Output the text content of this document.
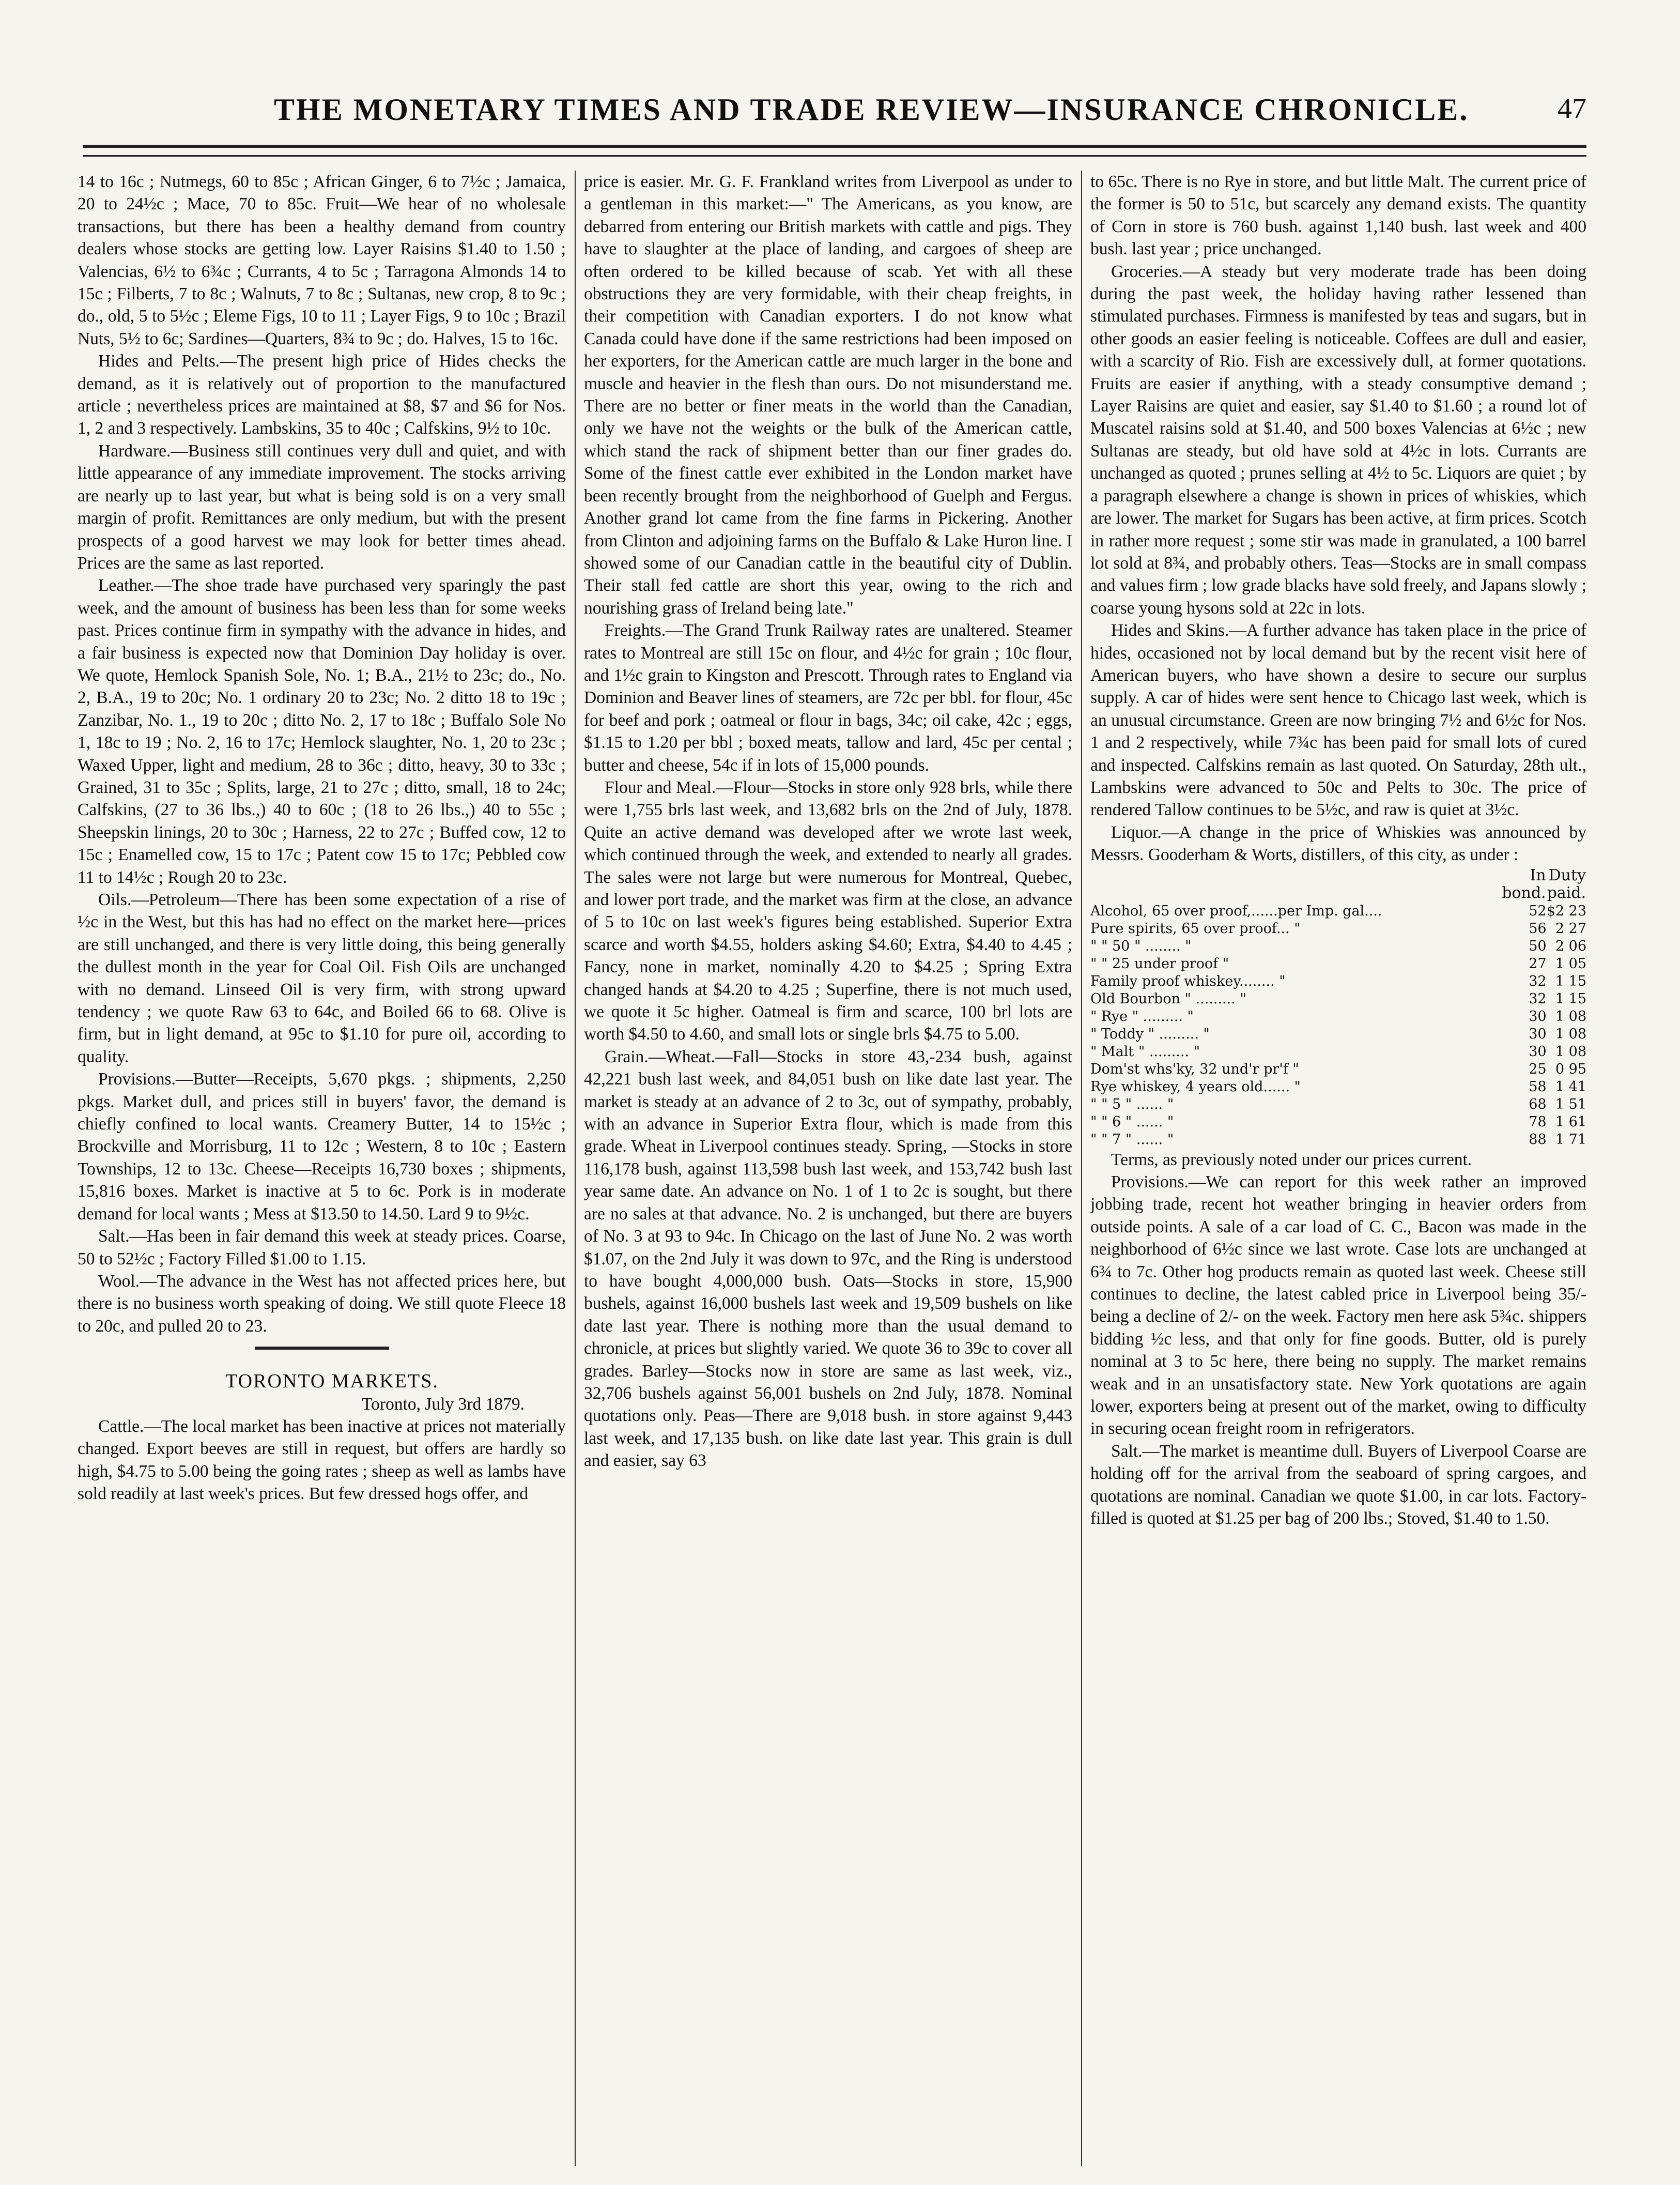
THE MONETARY TIMES AND TRADE REVIEW—INSURANCE CHRONICLE.	47

14 to 16c ; Nutmegs, 60 to 85c ; African Ginger, 6 to 7½c ; Jamaica, 20 to 24½c ; Mace, 70 to 85c. Fruit—We hear of no wholesale transactions, but there has been a healthy demand from country dealers whose stocks are getting low. Layer Raisins $1.40 to 1.50 ; Valencias, 6½ to 6¾c ; Currants, 4 to 5c ; Tarragona Almonds 14 to 15c ; Filberts, 7 to 8c ; Walnuts, 7 to 8c ; Sultanas, new crop, 8 to 9c ; do., old, 5 to 5½c ; Eleme Figs, 10 to 11 ; Layer Figs, 9 to 10c ; Brazil Nuts, 5½ to 6c; Sardines—Quarters, 8¾ to 9c ; do. Halves, 15 to 16c.

Hides and Pelts.—The present high price of Hides checks the demand, as it is relatively out of proportion to the manufactured article ; nevertheless prices are maintained at $8, $7 and $6 for Nos. 1, 2 and 3 respectively. Lambskins, 35 to 40c ; Calfskins, 9½ to 10c.

Hardware.—Business still continues very dull and quiet, and with little appearance of any immediate improvement. The stocks arriving are nearly up to last year, but what is being sold is on a very small margin of profit. Remittances are only medium, but with the present prospects of a good harvest we may look for better times ahead. Prices are the same as last reported.

Leather.—The shoe trade have purchased very sparingly the past week, and the amount of business has been less than for some weeks past. Prices continue firm in sympathy with the advance in hides, and a fair business is expected now that Dominion Day holiday is over. We quote, Hemlock Spanish Sole, No. 1; B.A., 21½ to 23c; do., No. 2, B.A., 19 to 20c; No. 1 ordinary 20 to 23c; No. 2 ditto 18 to 19c ; Zanzibar, No. 1., 19 to 20c ; ditto No. 2, 17 to 18c ; Buffalo Sole No 1, 18c to 19 ; No. 2, 16 to 17c; Hemlock slaughter, No. 1, 20 to 23c ; Waxed Upper, light and medium, 28 to 36c ; ditto, heavy, 30 to 33c ; Grained, 31 to 35c ; Splits, large, 21 to 27c ; ditto, small, 18 to 24c; Calfskins, (27 to 36 lbs.,) 40 to 60c ; (18 to 26 lbs.,) 40 to 55c ; Sheepskin linings, 20 to 30c ; Harness, 22 to 27c ; Buffed cow, 12 to 15c ; Enamelled cow, 15 to 17c ; Patent cow 15 to 17c; Pebbled cow 11 to 14½c ; Rough 20 to 23c.

Oils.—Petroleum—There has been some expectation of a rise of ½c in the West, but this has had no effect on the market here—prices are still unchanged, and there is very little doing, this being generally the dullest month in the year for Coal Oil. Fish Oils are unchanged with no demand. Linseed Oil is very firm, with strong upward tendency ; we quote Raw 63 to 64c, and Boiled 66 to 68. Olive is firm, but in light demand, at 95c to $1.10 for pure oil, according to quality.

Provisions.—Butter—Receipts, 5,670 pkgs. ; shipments, 2,250 pkgs. Market dull, and prices still in buyers' favor, the demand is chiefly confined to local wants. Creamery Butter, 14 to 15½c ; Brockville and Morrisburg, 11 to 12c ; Western, 8 to 10c ; Eastern Townships, 12 to 13c. Cheese—Receipts 16,730 boxes ; shipments, 15,816 boxes. Market is inactive at 5 to 6c. Pork is in moderate demand for local wants ; Mess at $13.50 to 14.50. Lard 9 to 9½c.

Salt.—Has been in fair demand this week at steady prices. Coarse, 50 to 52½c ; Factory Filled $1.00 to 1.15.

Wool.—The advance in the West has not affected prices here, but there is no business worth speaking of doing. We still quote Fleece 18 to 20c, and pulled 20 to 23.

TORONTO MARKETS.

Toronto, July 3rd 1879.

Cattle.—The local market has been inactive at prices not materially changed. Export beeves are still in request, but offers are hardly so high, $4.75 to 5.00 being the going rates ; sheep as well as lambs have sold readily at last week's prices. But few dressed hogs offer, and

price is easier. Mr. G. F. Frankland writes from Liverpool as under to a gentleman in this market:—" The Americans, as you know, are debarred from entering our British markets with cattle and pigs. They have to slaughter at the place of landing, and cargoes of sheep are often ordered to be killed because of scab. Yet with all these obstructions they are very formidable, with their cheap freights, in their competition with Canadian exporters. I do not know what Canada could have done if the same restrictions had been imposed on her exporters, for the American cattle are much larger in the bone and muscle and heavier in the flesh than ours. Do not misunderstand me. There are no better or finer meats in the world than the Canadian, only we have not the weights or the bulk of the American cattle, which stand the rack of shipment better than our finer grades do. Some of the finest cattle ever exhibited in the London market have been recently brought from the neighborhood of Guelph and Fergus. Another grand lot came from the fine farms in Pickering. Another from Clinton and adjoining farms on the Buffalo & Lake Huron line. I showed some of our Canadian cattle in the beautiful city of Dublin. Their stall fed cattle are short this year, owing to the rich and nourishing grass of Ireland being late."

Freights.—The Grand Trunk Railway rates are unaltered. Steamer rates to Montreal are still 15c on flour, and 4½c for grain ; 10c flour, and 1½c grain to Kingston and Prescott. Through rates to England via Dominion and Beaver lines of steamers, are 72c per bbl. for flour, 45c for beef and pork ; oatmeal or flour in bags, 34c; oil cake, 42c ; eggs, $1.15 to 1.20 per bbl ; boxed meats, tallow and lard, 45c per cental ; butter and cheese, 54c if in lots of 15,000 pounds.

Flour and Meal.—Flour—Stocks in store only 928 brls, while there were 1,755 brls last week, and 13,682 brls on the 2nd of July, 1878. Quite an active demand was developed after we wrote last week, which continued through the week, and extended to nearly all grades. The sales were not large but were numerous for Montreal, Quebec, and lower port trade, and the market was firm at the close, an advance of 5 to 10c on last week's figures being established. Superior Extra scarce and worth $4.55, holders asking $4.60; Extra, $4.40 to 4.45 ; Fancy, none in market, nominally 4.20 to $4.25 ; Spring Extra changed hands at $4.20 to 4.25 ; Superfine, there is not much used, we quote it 5c higher. Oatmeal is firm and scarce, 100 brl lots are worth $4.50 to 4.60, and small lots or single brls $4.75 to 5.00.

Grain.—Wheat.—Fall—Stocks in store 43,-234 bush, against 42,221 bush last week, and 84,051 bush on like date last year. The market is steady at an advance of 2 to 3c, out of sympathy, probably, with an advance in Superior Extra flour, which is made from this grade. Wheat in Liverpool continues steady. Spring, —Stocks in store 116,178 bush, against 113,598 bush last week, and 153,742 bush last year same date. An advance on No. 1 of 1 to 2c is sought, but there are no sales at that advance. No. 2 is unchanged, but there are buyers of No. 3 at 93 to 94c. In Chicago on the last of June No. 2 was worth $1.07, on the 2nd July it was down to 97c, and the Ring is understood to have bought 4,000,000 bush. Oats—Stocks in store, 15,900 bushels, against 16,000 bushels last week and 19,509 bushels on like date last year. There is nothing more than the usual demand to chronicle, at prices but slightly varied. We quote 36 to 39c to cover all grades. Barley—Stocks now in store are same as last week, viz., 32,706 bushels against 56,001 bushels on 2nd July, 1878. Nominal quotations only. Peas—There are 9,018 bush. in store against 9,443 last week, and 17,135 bush. on like date last year. This grain is dull and easier, say 63

to 65c. There is no Rye in store, and but little Malt. The current price of the former is 50 to 51c, but scarcely any demand exists. The quantity of Corn in store is 760 bush. against 1,140 bush. last week and 400 bush. last year ; price unchanged.

Groceries.—A steady but very moderate trade has been doing during the past week, the holiday having rather lessened than stimulated purchases. Firmness is manifested by teas and sugars, but in other goods an easier feeling is noticeable. Coffees are dull and easier, with a scarcity of Rio. Fish are excessively dull, at former quotations. Fruits are easier if anything, with a steady consumptive demand ; Layer Raisins are quiet and easier, say $1.40 to $1.60 ; a round lot of Muscatel raisins sold at $1.40, and 500 boxes Valencias at 6½c ; new Sultanas are steady, but old have sold at 4½c in lots. Currants are unchanged as quoted ; prunes selling at 4½ to 5c. Liquors are quiet ; by a paragraph elsewhere a change is shown in prices of whiskies, which are lower. The market for Sugars has been active, at firm prices. Scotch in rather more request ; some stir was made in granulated, a 100 barrel lot sold at 8¾, and probably others. Teas—Stocks are in small compass and values firm ; low grade blacks have sold freely, and Japans slowly ; coarse young hysons sold at 22c in lots.

Hides and Skins.—A further advance has taken place in the price of hides, occasioned not by local demand but by the recent visit here of American buyers, who have shown a desire to secure our surplus supply. A car of hides were sent hence to Chicago last week, which is an unusual circumstance. Green are now bringing 7½ and 6½c for Nos. 1 and 2 respectively, while 7¾c has been paid for small lots of cured and inspected. Calfskins remain as last quoted. On Saturday, 28th ult., Lambskins were advanced to 50c and Pelts to 30c. The price of rendered Tallow continues to be 5½c, and raw is quiet at 3½c.

Liquor.—A change in the price of Whiskies was announced by Messrs. Gooderham & Worts, distillers, of this city, as under :

	In bond.	Duty paid.
Alcohol, 65 over proof,......per Imp. gal....	52	$2 23
Pure spirits, 65 over proof... "	56	2 27
" " 50 " ........ "	50	2 06
" " 25 under proof "	27	1 05
Family proof whiskey........ "	32	1 15
Old Bourbon " ......... "	32	1 15
" Rye " ......... "	30	1 08
" Toddy " ......... "	30	1 08
" Malt " ......... "	30	1 08
Dom'st whs'ky, 32 und'r pr'f "	25	0 95
Rye whiskey, 4 years old...... "	58	1 41
" " 5 " ...... "	68	1 51
" " 6 " ...... "	78	1 61
" " 7 " ...... "	88	1 71

Terms, as previously noted under our prices current.

Provisions.—We can report for this week rather an improved jobbing trade, recent hot weather bringing in heavier orders from outside points. A sale of a car load of C. C., Bacon was made in the neighborhood of 6½c since we last wrote. Case lots are unchanged at 6¾ to 7c. Other hog products remain as quoted last week. Cheese still continues to decline, the latest cabled price in Liverpool being 35/- being a decline of 2/- on the week. Factory men here ask 5¾c. shippers bidding ½c less, and that only for fine goods. Butter, old is purely nominal at 3 to 5c here, there being no supply. The market remains weak and in an unsatisfactory state. New York quotations are again lower, exporters being at present out of the market, owing to difficulty in securing ocean freight room in refrigerators.

Salt.—The market is meantime dull. Buyers of Liverpool Coarse are holding off for the arrival from the seaboard of spring cargoes, and quotations are nominal. Canadian we quote $1.00, in car lots. Factory-filled is quoted at $1.25 per bag of 200 lbs.; Stoved, $1.40 to 1.50.
